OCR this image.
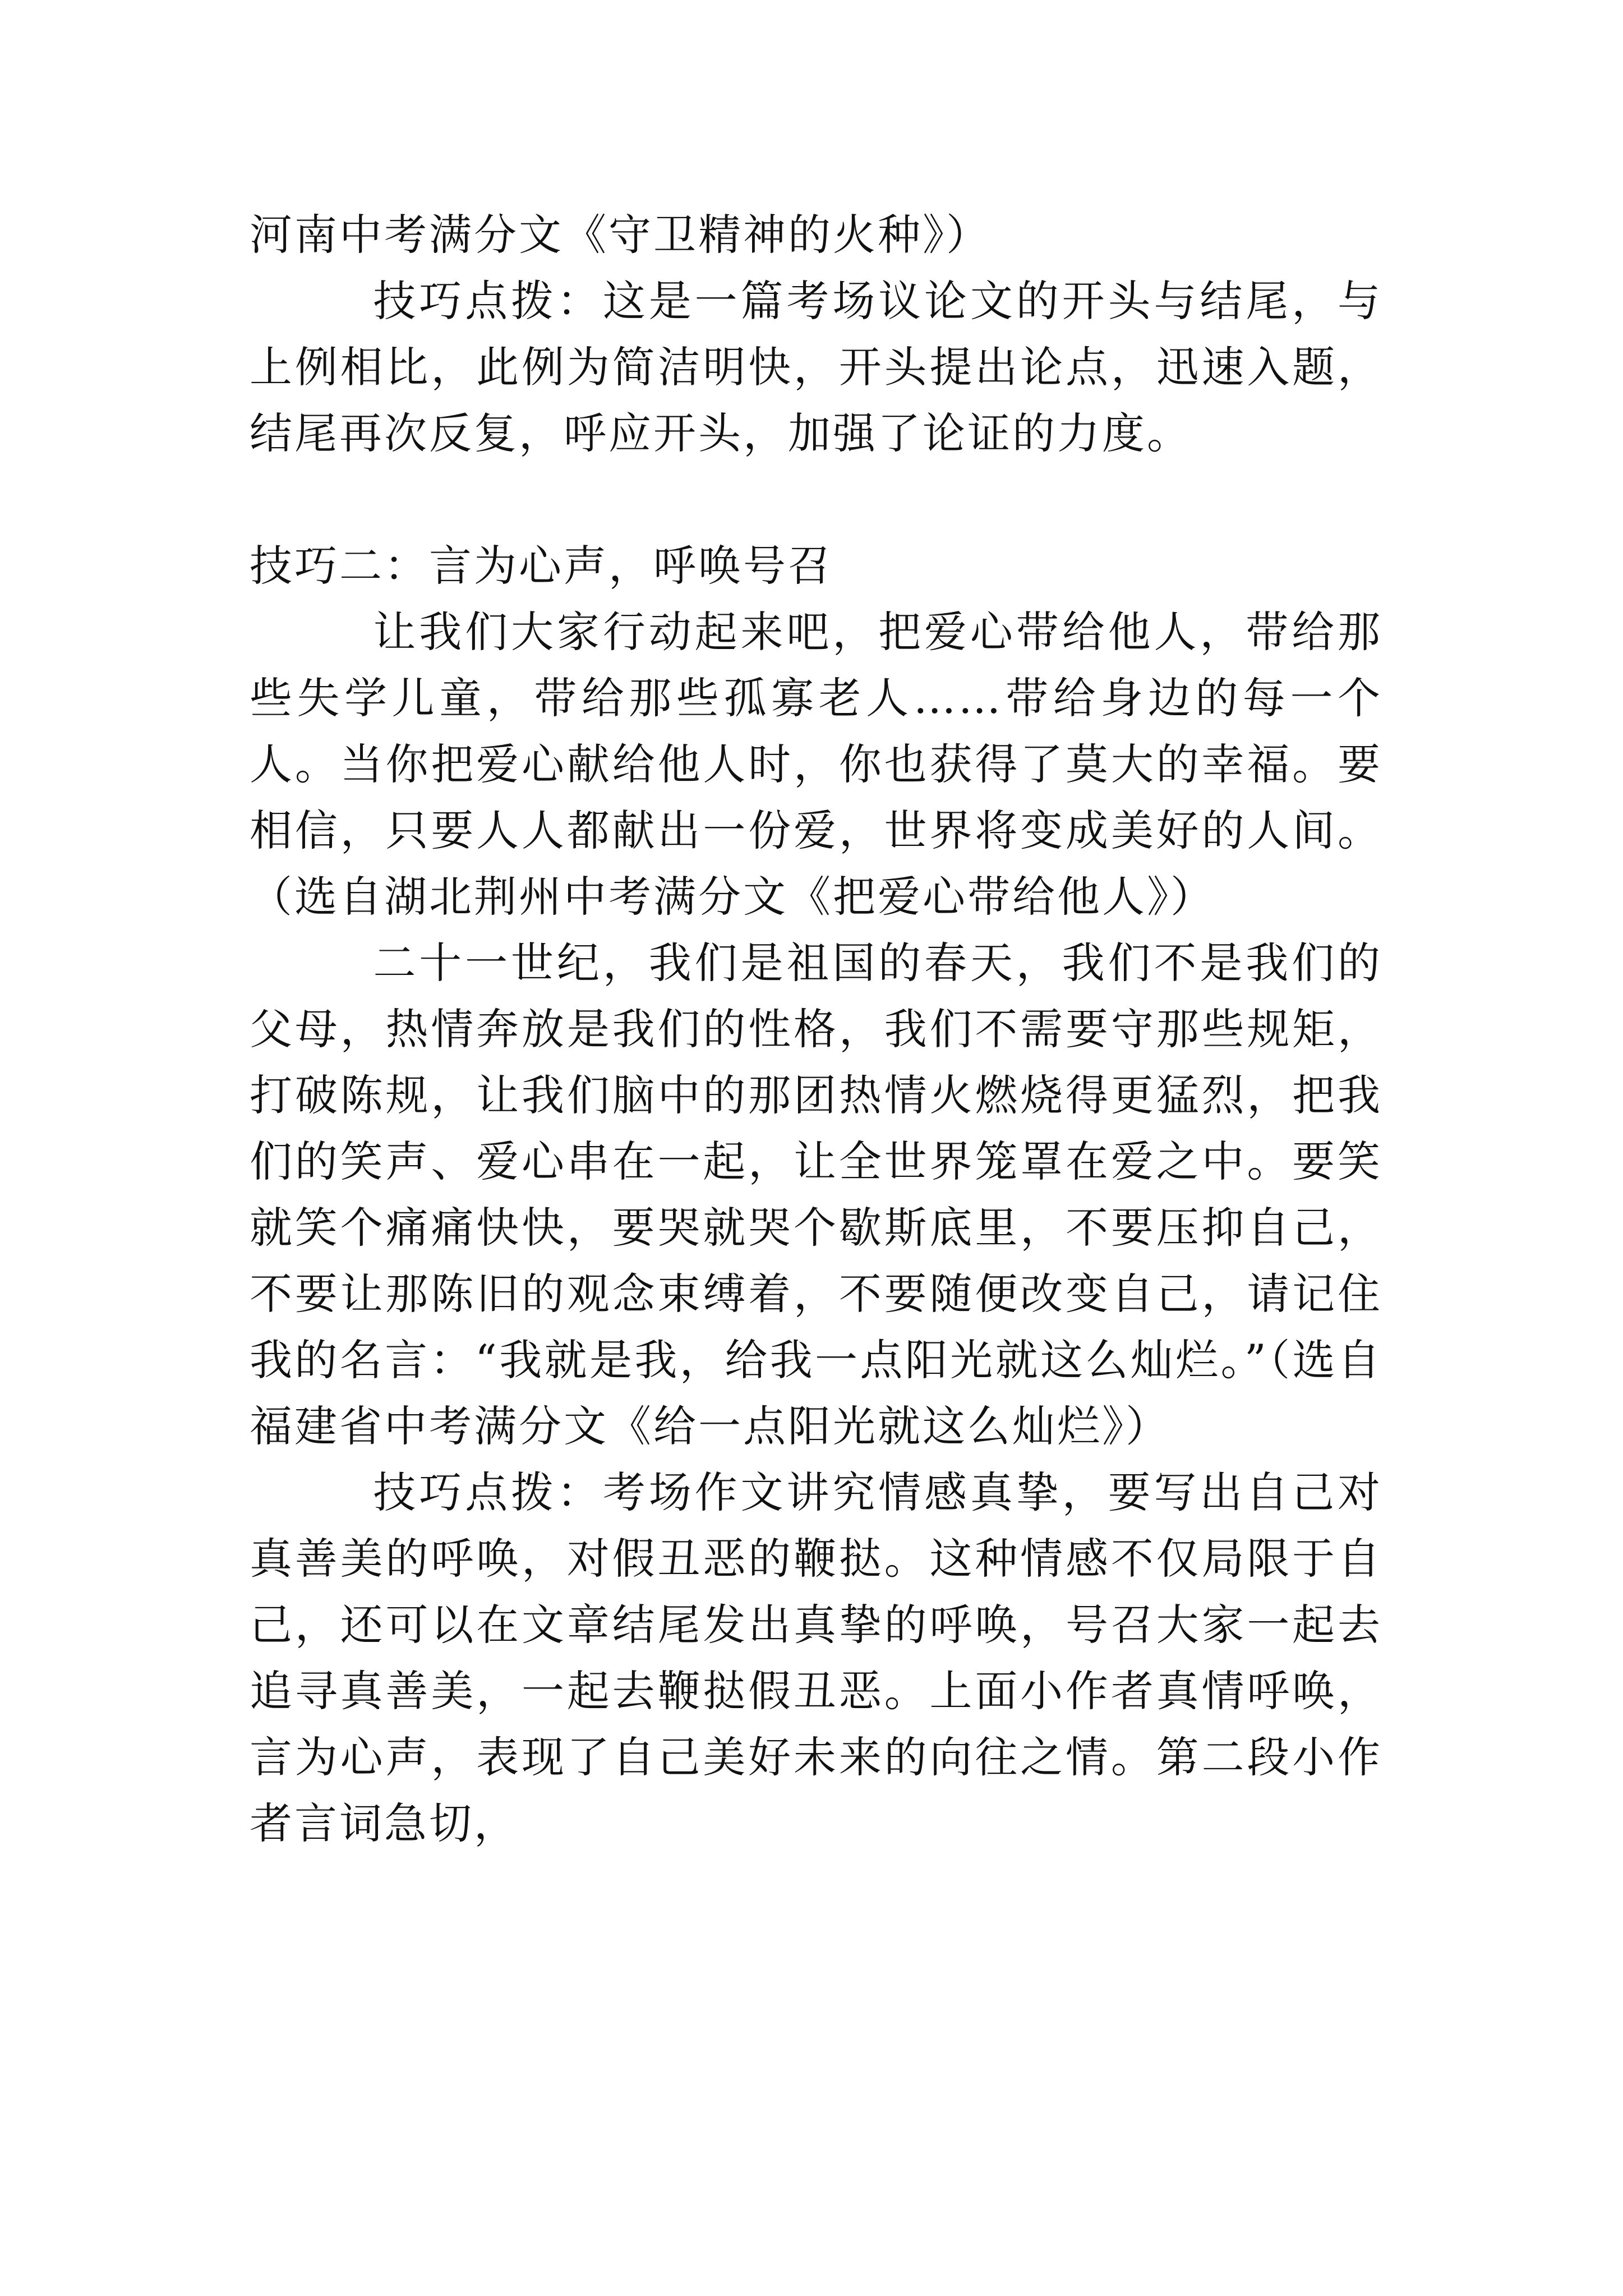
河南中考满分文《守卫精神的火种》）

技巧点拨：这是一篇考场议论文的开头与结尾，与上例相比，此例为简洁明快，开头提出论点，迅速入题，结尾再次反复，呼应开头，加强了论证的力度。

技巧二：言为心声，呼唤号召

让我们大家行动起来吧，把爱心带给他人，带给那些失学儿童，带给那些孤寡老人……带给身边的每一个人。当你把爱心献给他人时，你也获得了莫大的幸福。要相信，只要人人都献出一份爱，世界将变成美好的人间。（选自湖北荆州中考满分文《把爱心带给他人》）

二十一世纪，我们是祖国的春天，我们不是我们的父母，热情奔放是我们的性格，我们不需要守那些规矩，打破陈规，让我们脑中的那团热情火燃烧得更猛烈，把我们的笑声、爱心串在一起，让全世界笼罩在爱之中。要笑就笑个痛痛快快，要哭就哭个歇斯底里，不要压抑自己，不要让那陈旧的观念束缚着，不要随便改变自己，请记住我的名言：“我就是我，给我一点阳光就这么灿烂。”（选自福建省中考满分文《给一点阳光就这么灿烂》）

技巧点拨：考场作文讲究情感真挚，要写出自己对真善美的呼唤，对假丑恶的鞭挞。这种情感不仅局限于自己，还可以在文章结尾发出真挚的呼唤，号召大家一起去追寻真善美，一起去鞭挞假丑恶。上面小作者真情呼唤，言为心声，表现了自己美好未来的向往之情。第二段小作者言词急切，
